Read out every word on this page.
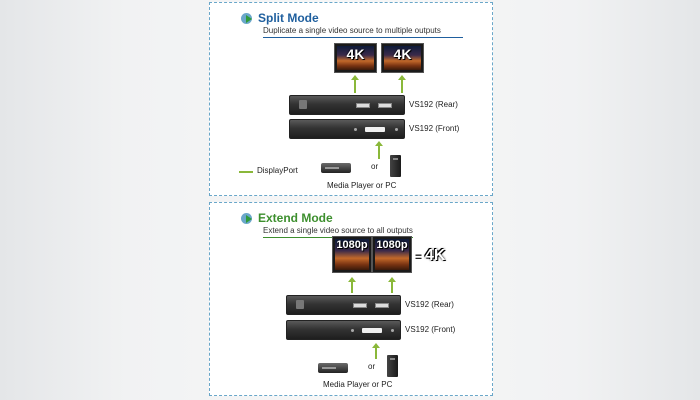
Split Mode
Duplicate a single video source to multiple outputs
4K	4K
VS192 (Rear)
VS192 (Front)
or
Media Player or PC
DisplayPort
Extend Mode
Extend a single video source to all outputs
1080p 1080p
= 4K
VS192 (Rear)
VS192 (Front)
or
Media Player or PC
